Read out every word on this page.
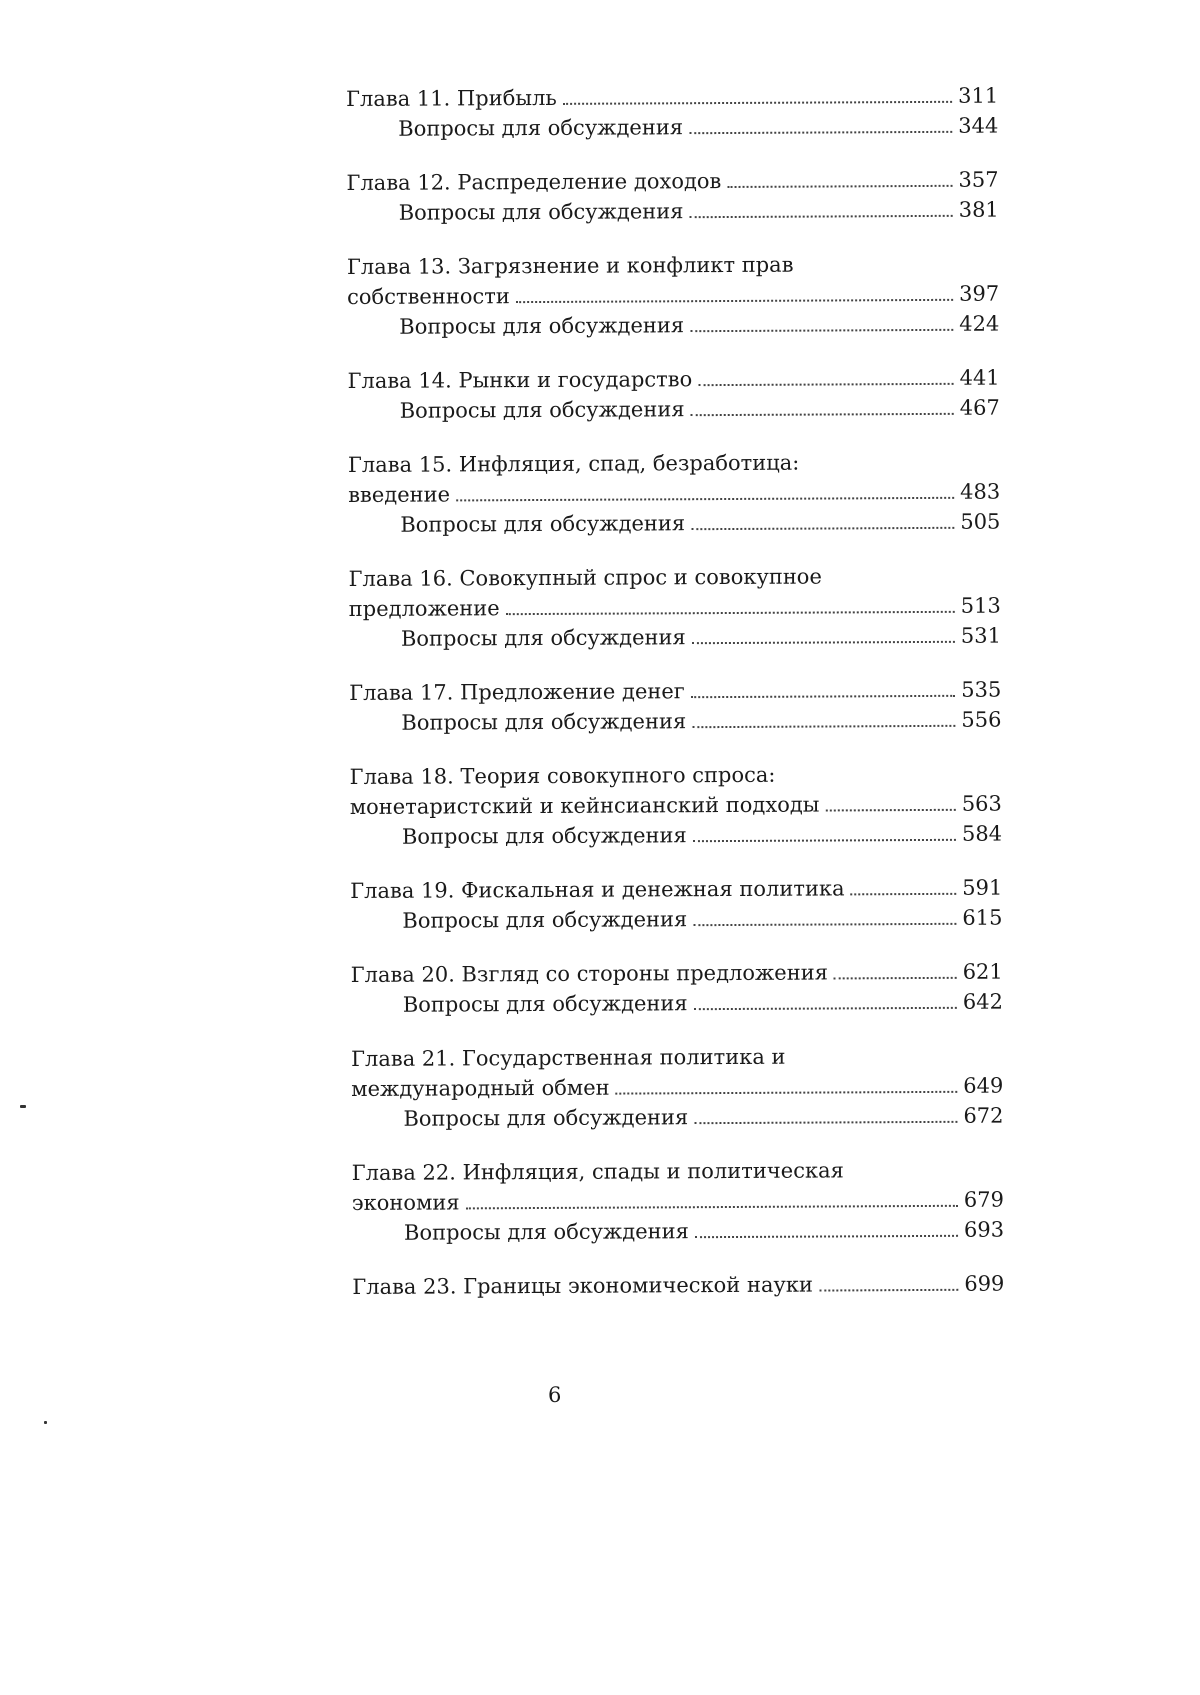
Глава 11. Прибыль	311
Вопросы для обсуждения	344
Глава 12. Распределение доходов	357
Вопросы для обсуждения	381
Глава 13. Загрязнение и конфликт прав
собственности	397
Вопросы для обсуждения	424
Глава 14. Рынки и государство	441
Вопросы для обсуждения	467
Глава 15. Инфляция, спад, безработица:
введение	483
Вопросы для обсуждения	505
Глава 16. Совокупный спрос и совокупное
предложение	513
Вопросы для обсуждения	531
Глава 17. Предложение денег	535
Вопросы для обсуждения	556
Глава 18. Теория совокупного спроса:
монетаристский и кейнсианский подходы	563
Вопросы для обсуждения	584
Глава 19. Фискальная и денежная политика	591
Вопросы для обсуждения	615
Глава 20. Взгляд со стороны предложения	621
Вопросы для обсуждения	642
Глава 21. Государственная политика и
международный обмен	649
Вопросы для обсуждения	672
Глава 22. Инфляция, спады и политическая
экономия	679
Вопросы для обсуждения	693
Глава 23. Границы экономической науки	699
6
